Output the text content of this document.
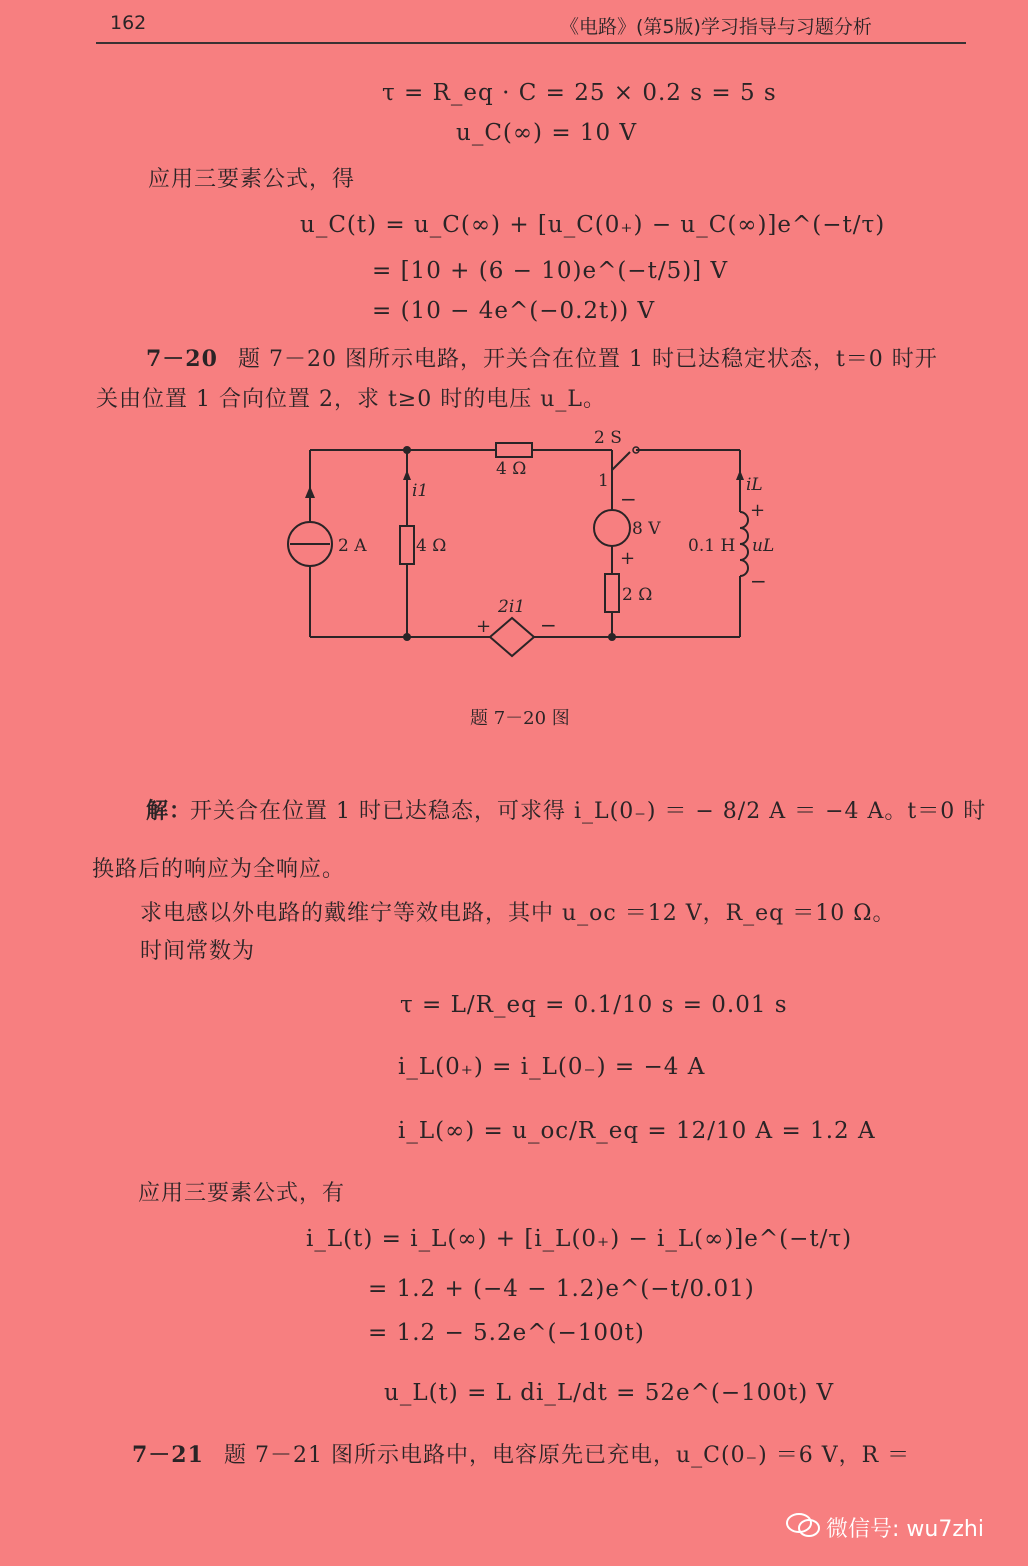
162	《电路》(第5版)学习指导与习题分析
τ = R_eq · C = 25 × 0.2 s = 5 s
u_C(∞) = 10 V
应用三要素公式，得
u_C(t) = u_C(∞) + [u_C(0₊) − u_C(∞)]e^(−t/τ)
= [10 + (6 − 10)e^(−t/5)] V
= (10 − 4e^(−0.2t)) V
7－20 题 7－20 图所示电路，开关合在位置 1 时已达稳定状态，t＝0 时开
关由位置 1 合向位置 2，求 t≥0 时的电压 u_L。
2 A	4 Ω
4 Ω
i1
2 S
1
−
8 V
+
2 Ω
2i1
+ −
0.1 H
iL
+
uL
−
题 7－20 图
解：
开关合在位置 1 时已达稳态，可求得 i_L(0₋) ＝ − 8/2 A ＝ −4 A。t＝0 时
换路后的响应为全响应。
求电感以外电路的戴维宁等效电路，其中 u_oc ＝12 V，R_eq ＝10 Ω。
时间常数为
τ = L/R_eq = 0.1/10 s = 0.01 s
i_L(0₊) = i_L(0₋) = −4 A
i_L(∞) = u_oc/R_eq = 12/10 A = 1.2 A
应用三要素公式，有
i_L(t) = i_L(∞) + [i_L(0₊) − i_L(∞)]e^(−t/τ)
= 1.2 + (−4 − 1.2)e^(−t/0.01)
= 1.2 − 5.2e^(−100t)
u_L(t) = L di_L/dt = 52e^(−100t) V
7－21 题 7－21 图所示电路中，电容原先已充电，u_C(0₋) ＝6 V，R ＝
微信号: wu7zhi
